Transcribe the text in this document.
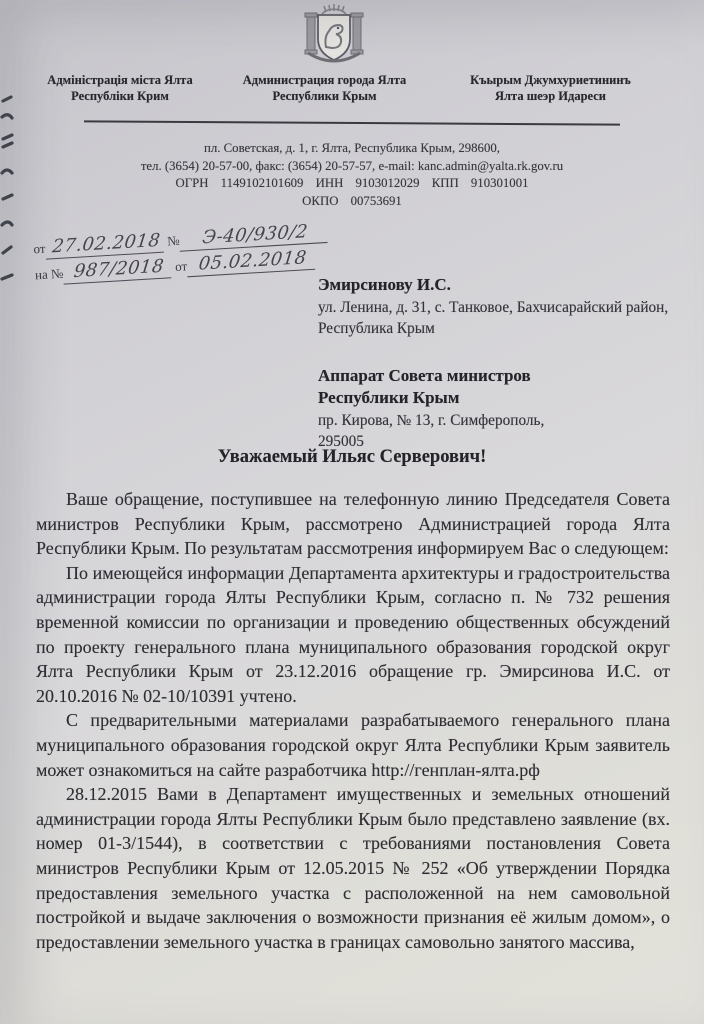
Адміністрація міста Ялта
Республіки Крим
Администрация города Ялта
Республики Крым
Къырым Джумхуриетининъ
Ялта шеэр Идареси
пл. Советская, д. 1, г. Ялта, Республика Крым, 298600,
тел. (3654) 20-57-00, факс: (3654) 20-57-57, e-mail: kanc.admin@yalta.rk.gov.ru
ОГРН 1149102101609 ИНН 9103012029 КПП 910301001
ОКПО 00753691
от 27.02.2018 № Э-40/930/2
на № 987/2018 от 05.02.2018
Эмирсинову И.С.
ул. Ленина, д. 31, с. Танковое, Бахчисарайский район, Республика Крым
Аппарат Совета министров Республики Крым
пр. Кирова, № 13, г. Симферополь, 295005
Уважаемый Ильяс Серверович!

Ваше обращение, поступившее на телефонную линию Председателя Совета министров Республики Крым, рассмотрено Администрацией города Ялта Республики Крым. По результатам рассмотрения информируем Вас о следующем:

По имеющейся информации Департамента архитектуры и градостроительства администрации города Ялты Республики Крым, согласно п. № 732 решения временной комиссии по организации и проведению общественных обсуждений по проекту генерального плана муниципального образования городской округ Ялта Республики Крым от 23.12.2016 обращение гр. Эмирсинова И.С. от 20.10.2016 № 02-10/10391 учтено.

С предварительными материалами разрабатываемого генерального плана муниципального образования городской округ Ялта Республики Крым заявитель может ознакомиться на сайте разработчика http://генплан-ялта.рф

28.12.2015 Вами в Департамент имущественных и земельных отношений администрации города Ялты Республики Крым было представлено заявление (вх. номер 01-3/1544), в соответствии с требованиями постановления Совета министров Республики Крым от 12.05.2015 № 252 «Об утверждении Порядка предоставления земельного участка с расположенной на нем самовольной постройкой и выдаче заключения о возможности признания её жилым домом», о предоставлении земельного участка в границах самовольно занятого массива,
